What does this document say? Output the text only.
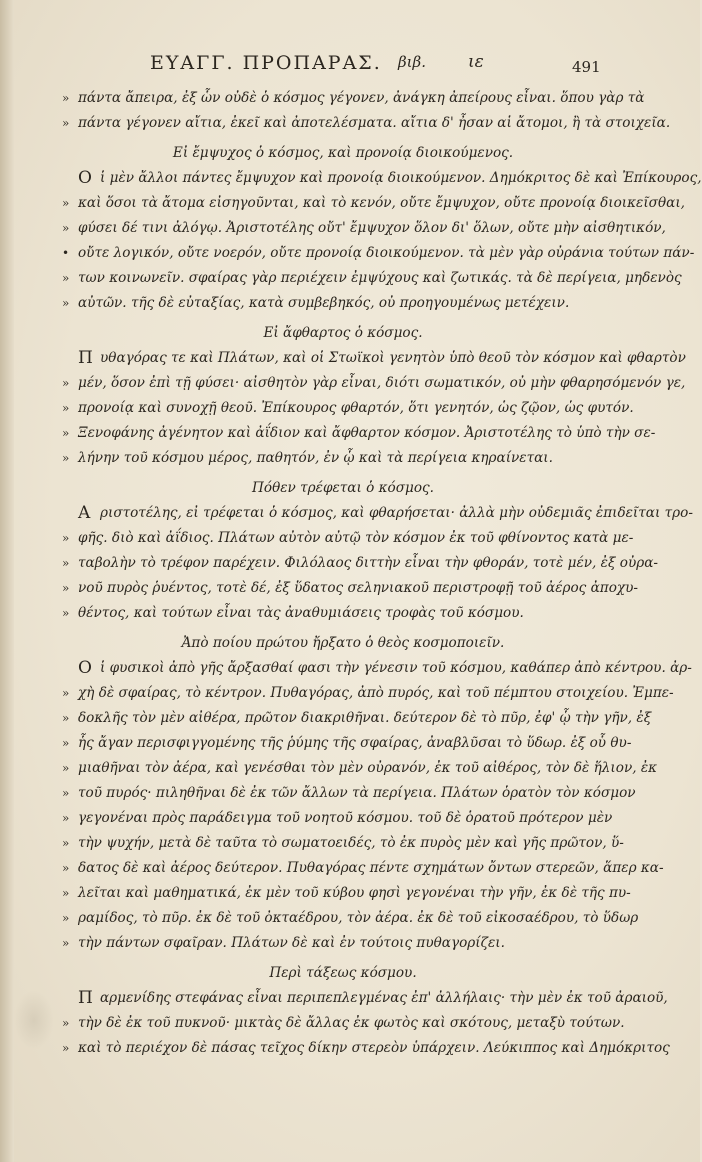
ΕΥΑΓΓ. ΠΡΟΠΑΡΑΣ. βιβ. ιε	491
» πάντα ἄπειρα, ἐξ ὧν οὐδὲ ὁ κόσμος γέγονεν, ἀνάγκη ἀπείρους εἶναι. ὅπου γὰρ τὰ
» πάντα γέγονεν αἴτια, ἐκεῖ καὶ ἀποτελέσματα. αἴτια δ' ἦσαν αἱ ἄτομοι, ἢ τὰ στοιχεῖα.
Εἰ ἔμψυχος ὁ κόσμος, καὶ προνοίᾳ διοικούμενος.
Ο ἱ μὲν ἄλλοι πάντες ἔμψυχον καὶ προνοίᾳ διοικούμενον. Δημόκριτος δὲ καὶ Ἐπίκουρος,
» καὶ ὅσοι τὰ ἄτομα εἰσηγοῦνται, καὶ τὸ κενόν, οὔτε ἔμψυχον, οὔτε προνοίᾳ διοικεῖσθαι,
» φύσει δέ τινι ἀλόγῳ. Ἀριστοτέλης οὔτ' ἔμψυχον ὅλον δι' ὅλων, οὔτε μὴν αἰσθητικόν,
• οὔτε λογικόν, οὔτε νοερόν, οὔτε προνοίᾳ διοικούμενον. τὰ μὲν γὰρ οὐράνια τούτων πάν-
» των κοινωνεῖν. σφαίρας γὰρ περιέχειν ἐμψύχους καὶ ζωτικάς. τὰ δὲ περίγεια, μηδενὸς
» αὐτῶν. τῆς δὲ εὐταξίας, κατὰ συμβεβηκός, οὐ προηγουμένως μετέχειν.
Εἰ ἄφθαρτος ὁ κόσμος.
Π υθαγόρας τε καὶ Πλάτων, καὶ οἱ Στωϊκοὶ γενητὸν ὑπὸ θεοῦ τὸν κόσμον καὶ φθαρτὸν
» μέν, ὅσον ἐπὶ τῇ φύσει· αἰσθητὸν γὰρ εἶναι, διότι σωματικόν, οὐ μὴν φθαρησόμενόν γε,
» προνοίᾳ καὶ συνοχῇ θεοῦ. Ἐπίκουρος φθαρτόν, ὅτι γενητόν, ὡς ζῷον, ὡς φυτόν.
» Ξενοφάνης ἀγένητον καὶ ἀΐδιον καὶ ἄφθαρτον κόσμον. Ἀριστοτέλης τὸ ὑπὸ τὴν σε-
» λήνην τοῦ κόσμου μέρος, παθητόν, ἐν ᾧ καὶ τὰ περίγεια κηραίνεται.
Πόθεν τρέφεται ὁ κόσμος.
Α ριστοτέλης, εἰ τρέφεται ὁ κόσμος, καὶ φθαρήσεται· ἀλλὰ μὴν οὐδεμιᾶς ἐπιδεῖται τρο-
» φῆς. διὸ καὶ ἀΐδιος. Πλάτων αὐτὸν αὐτῷ τὸν κόσμον ἐκ τοῦ φθίνοντος κατὰ με-
» ταβολὴν τὸ τρέφον παρέχειν. Φιλόλαος διττὴν εἶναι τὴν φθοράν, τοτὲ μέν, ἐξ οὐρα-
» νοῦ πυρὸς ῥυέντος, τοτὲ δέ, ἐξ ὕδατος σεληνιακοῦ περιστροφῇ τοῦ ἀέρος ἀποχυ-
» θέντος, καὶ τούτων εἶναι τὰς ἀναθυμιάσεις τροφὰς τοῦ κόσμου.
Ἀπὸ ποίου πρώτου ἤρξατο ὁ θεὸς κοσμοποιεῖν.
Ο ἱ φυσικοὶ ἀπὸ γῆς ἄρξασθαί φασι τὴν γένεσιν τοῦ κόσμου, καθάπερ ἀπὸ κέντρου. ἀρ-
» χὴ δὲ σφαίρας, τὸ κέντρον. Πυθαγόρας, ἀπὸ πυρός, καὶ τοῦ πέμπτου στοιχείου. Ἐμπε-
» δοκλῆς τὸν μὲν αἰθέρα, πρῶτον διακριθῆναι. δεύτερον δὲ τὸ πῦρ, ἐφ' ᾧ τὴν γῆν, ἐξ
» ἧς ἄγαν περισφιγγομένης τῆς ῥύμης τῆς σφαίρας, ἀναβλῦσαι τὸ ὕδωρ. ἐξ οὗ θυ-
» μιαθῆναι τὸν ἀέρα, καὶ γενέσθαι τὸν μὲν οὐρανόν, ἐκ τοῦ αἰθέρος, τὸν δὲ ἥλιον, ἐκ
» τοῦ πυρός· πιληθῆναι δὲ ἐκ τῶν ἄλλων τὰ περίγεια. Πλάτων ὁρατὸν τὸν κόσμον
» γεγονέναι πρὸς παράδειγμα τοῦ νοητοῦ κόσμου. τοῦ δὲ ὁρατοῦ πρότερον μὲν
» τὴν ψυχήν, μετὰ δὲ ταῦτα τὸ σωματοειδές, τὸ ἐκ πυρὸς μὲν καὶ γῆς πρῶτον, ὕ-
» δατος δὲ καὶ ἀέρος δεύτερον. Πυθαγόρας πέντε σχημάτων ὄντων στερεῶν, ἅπερ κα-
» λεῖται καὶ μαθηματικά, ἐκ μὲν τοῦ κύβου φησὶ γεγονέναι τὴν γῆν, ἐκ δὲ τῆς πυ-
» ραμίδος, τὸ πῦρ. ἐκ δὲ τοῦ ὀκταέδρου, τὸν ἀέρα. ἐκ δὲ τοῦ εἰκοσαέδρου, τὸ ὕδωρ
» τὴν πάντων σφαῖραν. Πλάτων δὲ καὶ ἐν τούτοις πυθαγορίζει.
Περὶ τάξεως κόσμου.
Π αρμενίδης στεφάνας εἶναι περιπεπλεγμένας ἐπ' ἀλλήλαις· τὴν μὲν ἐκ τοῦ ἀραιοῦ,
» τὴν δὲ ἐκ τοῦ πυκνοῦ· μικτὰς δὲ ἄλλας ἐκ φωτὸς καὶ σκότους, μεταξὺ τούτων.
» καὶ τὸ περιέχον δὲ πάσας τεῖχος δίκην στερεὸν ὑπάρχειν. Λεύκιππος καὶ Δημόκριτος
